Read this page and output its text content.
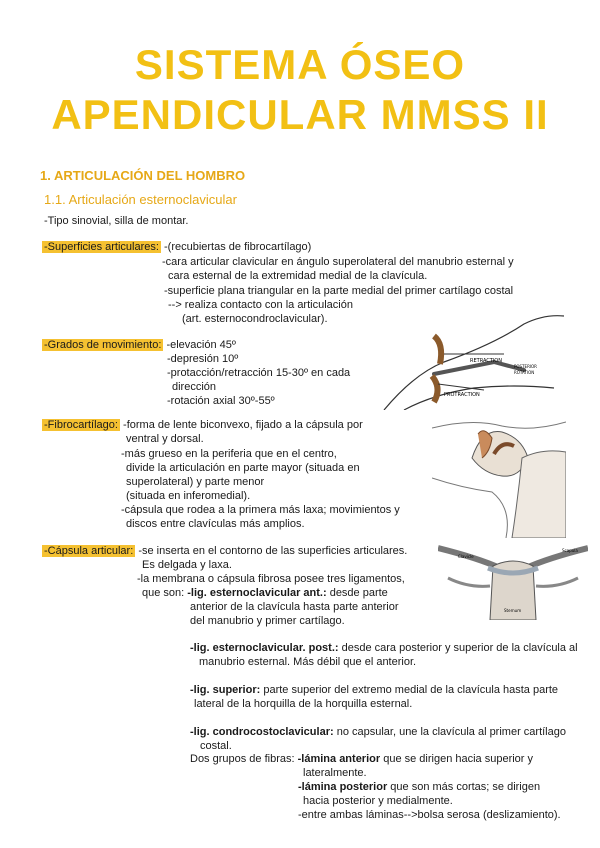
SISTEMA ÓSEO
APENDICULAR MMSS II
1. ARTICULACIÓN DEL HOMBRO
1.1. Articulación esternoclavicular
-Tipo sinovial, silla de montar.
-Superficies articulares: -(recubiertas de fibrocartílago)
-cara articular clavicular en ángulo superolateral del manubrio esternal y
cara esternal de la extremidad medial de la clavícula.
-superficie plana triangular en la parte medial del primer cartílago costal
--> realiza contacto con la articulación
(art. esternocondroclavicular).
-Grados de movimiento: -elevación 45º
-depresión 10º
-protacción/retracción 15-30º en cada
dirección
-rotación axial 30º-55º
RETRACTION
PROTRACTION
POSTERIOR
ROTATION
-Fibrocartílago: -forma de lente biconvexo, fijado a la cápsula por
ventral y dorsal.
-más grueso en la periferia que en el centro,
divide la articulación en parte mayor (situada en
superolateral) y parte menor
(situada en inferomedial).
-cápsula que rodea a la primera más laxa; movimientos y
discos entre clavículas más amplios.
-Cápsula articular: -se inserta en el contorno de las superficies articulares.
Es delgada y laxa.
-la membrana o cápsula fibrosa posee tres ligamentos,
que son: -lig. esternoclavicular ant.: desde parte
anterior de la clavícula hasta parte anterior
del manubrio y primer cartílago.
Clavicle
Scapula
Sternum
-lig. esternoclavicular. post.: desde cara posterior y superior de la clavícula al
manubrio esternal. Más débil que el anterior.
-lig. superior: parte superior del extremo medial de la clavícula hasta parte
lateral de la horquilla de la horquilla esternal.
-lig. condrocostoclavicular: no capsular, une la clavícula al primer cartílago
costal.
Dos grupos de fibras: -lámina anterior que se dirigen hacia superior y
lateralmente.
-lámina posterior que son más cortas; se dirigen
hacia posterior y medialmente.
-entre ambas láminas-->bolsa serosa (deslizamiento).
